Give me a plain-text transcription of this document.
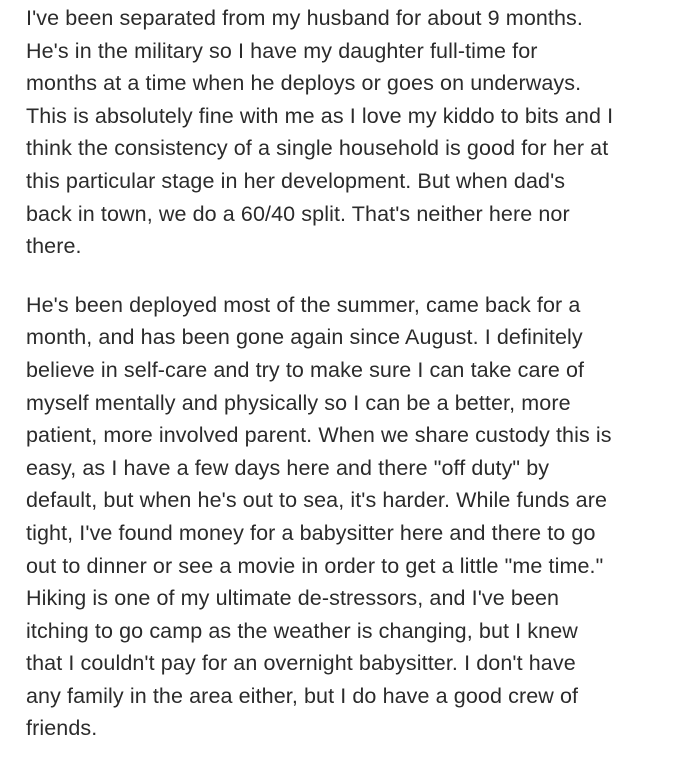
I've been separated from my husband for about 9 months.
He's in the military so I have my daughter full-time for
months at a time when he deploys or goes on underways.
This is absolutely fine with me as I love my kiddo to bits and I
think the consistency of a single household is good for her at
this particular stage in her development. But when dad's
back in town, we do a 60/40 split. That's neither here nor
there.

He's been deployed most of the summer, came back for a
month, and has been gone again since August. I definitely
believe in self-care and try to make sure I can take care of
myself mentally and physically so I can be a better, more
patient, more involved parent. When we share custody this is
easy, as I have a few days here and there "off duty" by
default, but when he's out to sea, it's harder. While funds are
tight, I've found money for a babysitter here and there to go
out to dinner or see a movie in order to get a little "me time."
Hiking is one of my ultimate de-stressors, and I've been
itching to go camp as the weather is changing, but I knew
that I couldn't pay for an overnight babysitter. I don't have
any family in the area either, but I do have a good crew of
friends.
